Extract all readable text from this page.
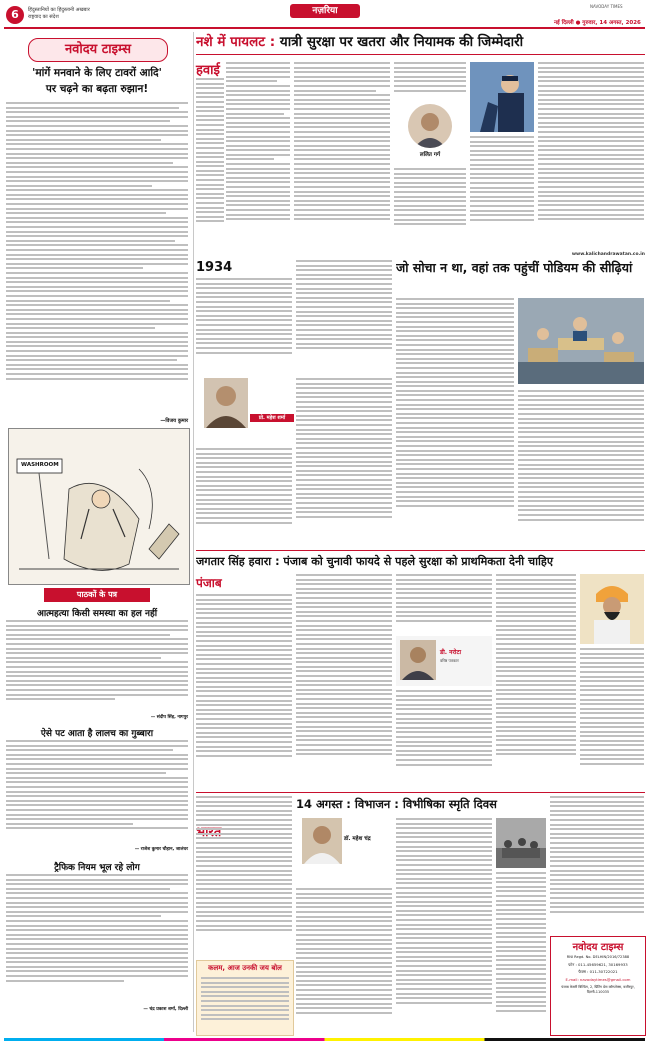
6	हिंदुस्तानियों का हिंदुस्तानी अखबार
राष्ट्रवाद का संदेश
नज़रिया	NAVODAY TIMES
नई दिल्ली ● गुरुवार, 14 अगस्त, 2026
नवोदय टाइम्स
'मांगें मनवाने के लिए टावरों आदि'
पर चढ़ने का बढ़ता रुझान!
—विजय कुमार
WASHROOM
पाठकों के पत्र
आत्महत्या किसी समस्या का हल नहीं
— संदीप सिंह, नागपुर
ऐसे पट आता है लालच का गुब्बारा
— राजेश कुमार चौहान, जालंधर
ट्रैफिक नियम भूल रहे लोग
— चंद्र प्रकाश शर्मा, दिल्ली
नशे में पायलट : यात्री सुरक्षा पर खतरा और नियामक की जिम्मेदारी
हवाई
ललित गर्ग
www.kalichandrawatan.co.in
1934	जो सोचा न था, वहां तक पहुंचीं पोडियम की सीढ़ियां
प्रो. महेश शर्मा
जगतार सिंह हवारा : पंजाब को चुनावी फायदे से पहले सुरक्षा को प्राथमिकता देनी चाहिए
पंजाब
डी. नरोटा
वरिष्ठ पत्रकार
कलम, आज उनकी जय बोल
14 अगस्त : विभाजन : विभीषिका स्मृति दिवस
डॉ. महेश चंद्र
नवोदय टाइम्स
RNI Regd. No. DELHIN/2016/72388
फोन : 011-45659621, 30169933
फैक्स : 011-30722021
E-mail: navodaytimes@gmail.com
पंजाब केसरी बिल्डिंग, 2, प्रिंटिंग प्रेस कॉम्प्लेक्स, वजीरपुर, दिल्ली-110035
